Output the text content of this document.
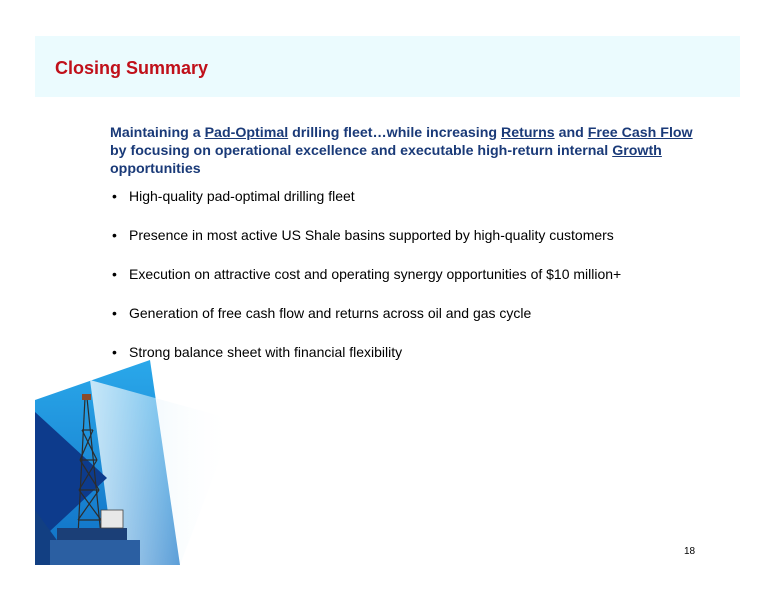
Closing Summary
Maintaining a Pad-Optimal drilling fleet…while increasing Returns and Free Cash Flow by focusing on operational excellence and executable high-return internal Growth opportunities
• High-quality pad-optimal drilling fleet
• Presence in most active US Shale basins supported by high-quality customers
• Execution on attractive cost and operating synergy opportunities of $10 million+
• Generation of free cash flow and returns across oil and gas cycle
• Strong balance sheet with financial flexibility
18
